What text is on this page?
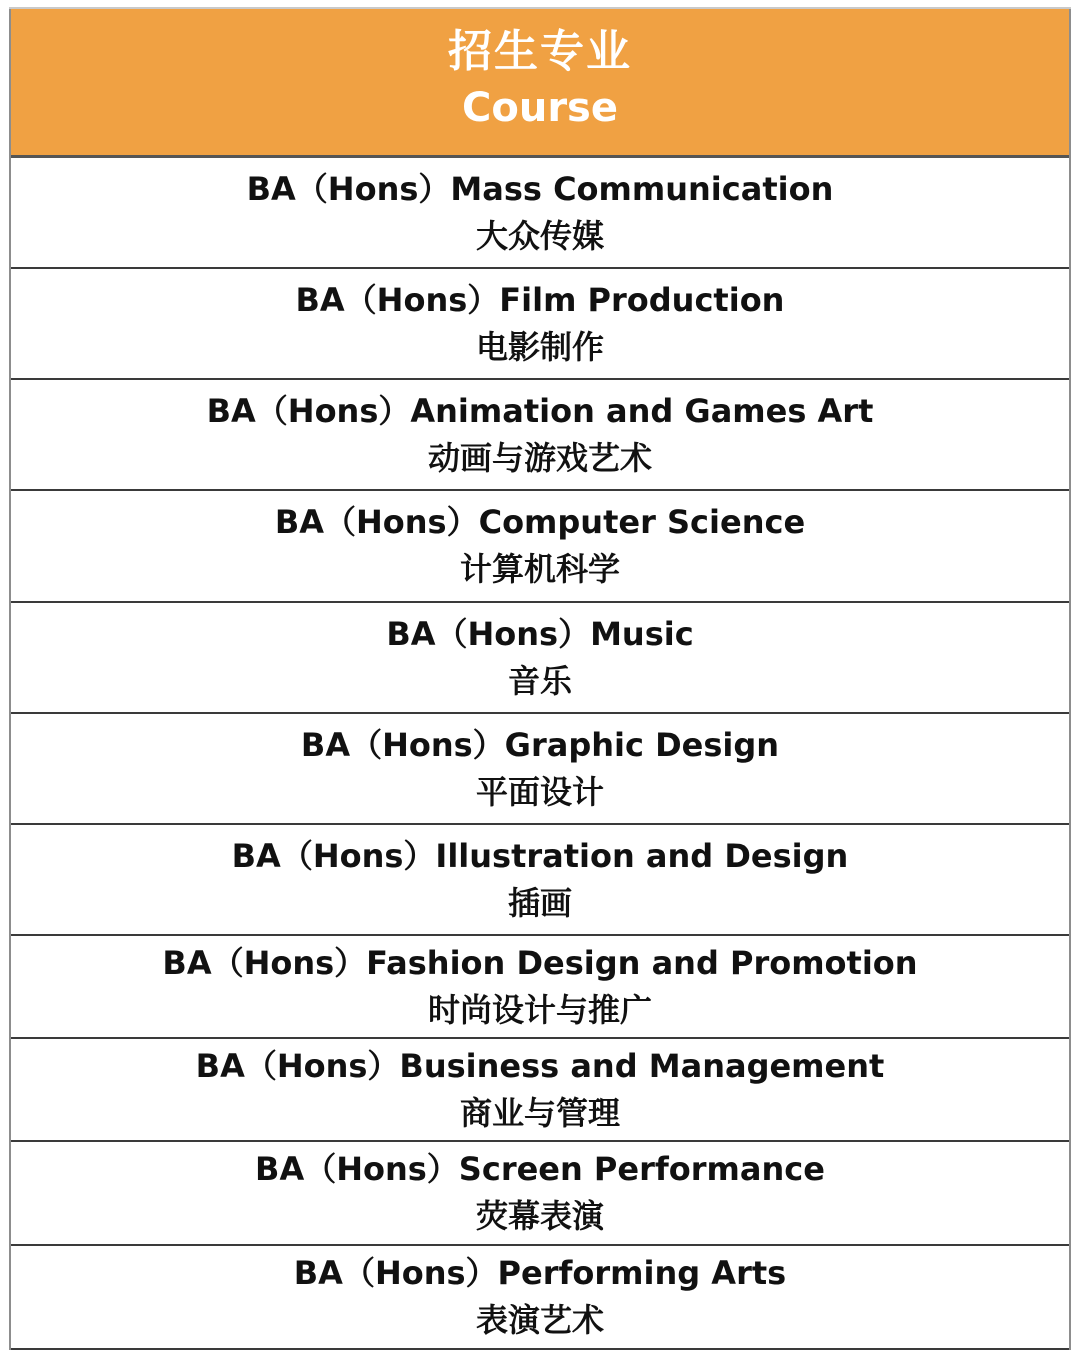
招生专业
Course
BA（Hons）Mass Communication
大众传媒
BA（Hons）Film Production
电影制作
BA（Hons）Animation and Games Art
动画与游戏艺术
BA（Hons）Computer Science
计算机科学
BA（Hons）Music
音乐
BA（Hons）Graphic Design
平面设计
BA（Hons）Illustration and Design
插画
BA（Hons）Fashion Design and Promotion
时尚设计与推广
BA（Hons）Business and Management
商业与管理
BA（Hons）Screen Performance
荧幕表演
BA（Hons）Performing Arts
表演艺术
